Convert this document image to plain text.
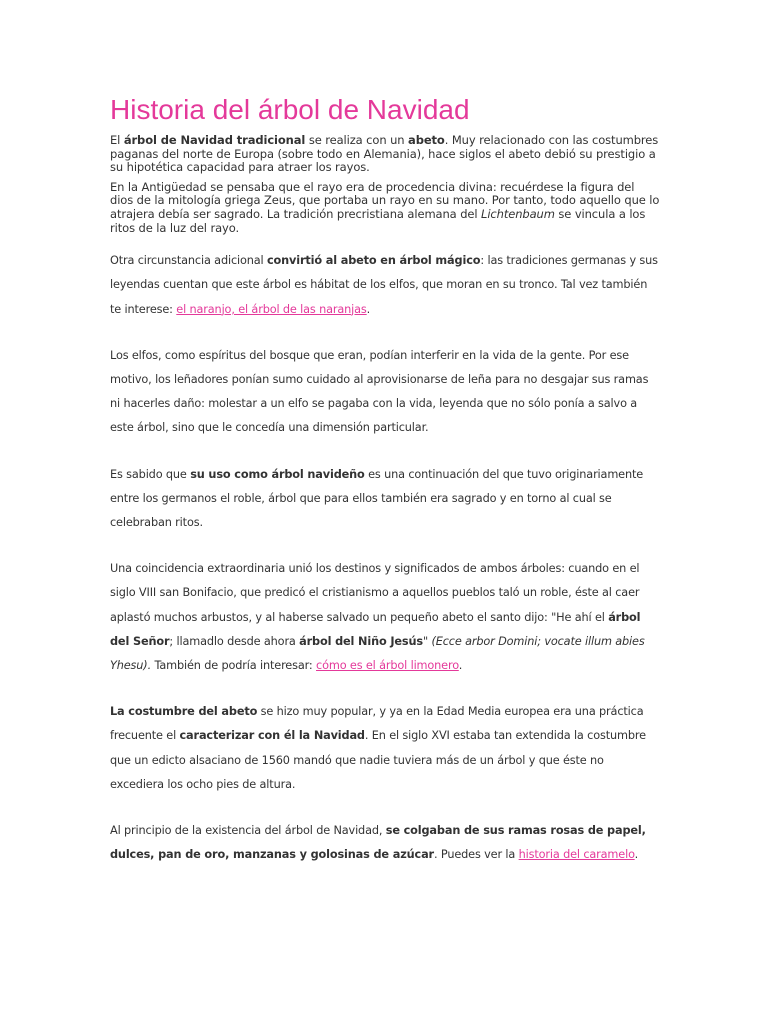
Historia del árbol de Navidad

El árbol de Navidad tradicional se realiza con un abeto. Muy relacionado con las costumbres paganas del norte de Europa (sobre todo en Alemania), hace siglos el abeto debió su prestigio a su hipotética capacidad para atraer los rayos.

En la Antigüedad se pensaba que el rayo era de procedencia divina: recuérdese la figura del dios de la mitología griega Zeus, que portaba un rayo en su mano. Por tanto, todo aquello que lo atrajera debía ser sagrado. La tradición precristiana alemana del Lichtenbaum se vincula a los ritos de la luz del rayo.

Otra circunstancia adicional convirtió al abeto en árbol mágico: las tradiciones germanas y sus leyendas cuentan que este árbol es hábitat de los elfos, que moran en su tronco. Tal vez también te interese: el naranjo, el árbol de las naranjas.

Los elfos, como espíritus del bosque que eran, podían interferir en la vida de la gente. Por ese motivo, los leñadores ponían sumo cuidado al aprovisionarse de leña para no desgajar sus ramas ni hacerles daño: molestar a un elfo se pagaba con la vida, leyenda que no sólo ponía a salvo a este árbol, sino que le concedía una dimensión particular.

Es sabido que su uso como árbol navideño es una continuación del que tuvo originariamente entre los germanos el roble, árbol que para ellos también era sagrado y en torno al cual se celebraban ritos.

Una coincidencia extraordinaria unió los destinos y significados de ambos árboles: cuando en el siglo VIII san Bonifacio, que predicó el cristianismo a aquellos pueblos taló un roble, éste al caer aplastó muchos arbustos, y al haberse salvado un pequeño abeto el santo dijo: "He ahí el árbol del Señor; llamadlo desde ahora árbol del Niño Jesús" (Ecce arbor Domini; vocate illum abies Yhesu). También de podría interesar: cómo es el árbol limonero.

La costumbre del abeto se hizo muy popular, y ya en la Edad Media europea era una práctica frecuente el caracterizar con él la Navidad. En el siglo XVI estaba tan extendida la costumbre que un edicto alsaciano de 1560 mandó que nadie tuviera más de un árbol y que éste no excediera los ocho pies de altura.

Al principio de la existencia del árbol de Navidad, se colgaban de sus ramas rosas de papel, dulces, pan de oro, manzanas y golosinas de azúcar. Puedes ver la historia del caramelo.
